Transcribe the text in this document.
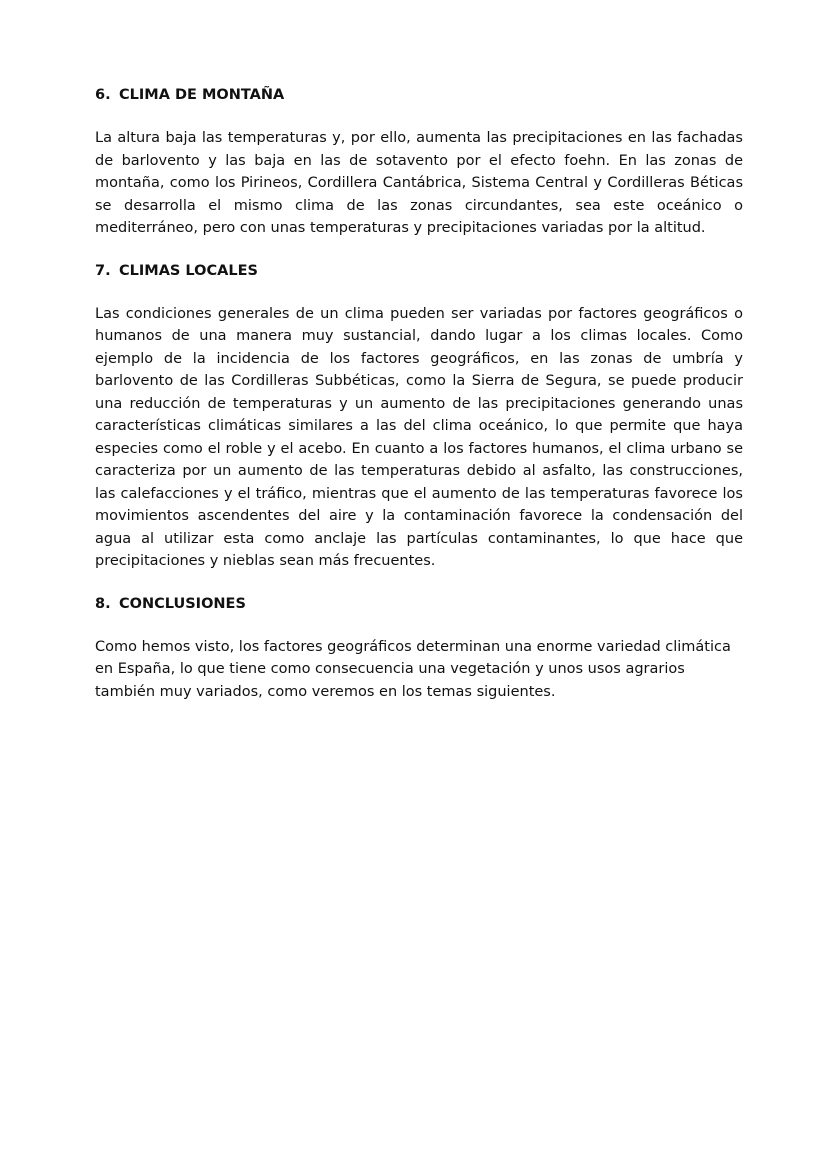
6. CLIMA DE MONTAÑA

La altura baja las temperaturas y, por ello, aumenta las precipitaciones en las fachadas de barlovento y las baja en las de sotavento por el efecto foehn. En las zonas de montaña, como los Pirineos, Cordillera Cantábrica, Sistema Central y Cordilleras Béticas se desarrolla el mismo clima de las zonas circundantes, sea este oceánico o mediterráneo, pero con unas temperaturas y precipitaciones variadas por la altitud.

7. CLIMAS LOCALES

Las condiciones generales de un clima pueden ser variadas por factores geográficos o humanos de una manera muy sustancial, dando lugar a los climas locales. Como ejemplo de la incidencia de los factores geográficos, en las zonas de umbría y barlovento de las Cordilleras Subbéticas, como la Sierra de Segura, se puede producir una reducción de temperaturas y un aumento de las precipitaciones generando unas características climáticas similares a las del clima oceánico, lo que permite que haya especies como el roble y el acebo. En cuanto a los factores humanos, el clima urbano se caracteriza por un aumento de las temperaturas debido al asfalto, las construcciones, las calefacciones y el tráfico, mientras que el aumento de las temperaturas favorece los movimientos ascendentes del aire y la contaminación favorece la condensación del agua al utilizar esta como anclaje las partículas contaminantes, lo que hace que precipitaciones y nieblas sean más frecuentes.

8. CONCLUSIONES

Como hemos visto, los factores geográficos determinan una enorme variedad climática en España, lo que tiene como consecuencia una vegetación y unos usos agrarios también muy variados, como veremos en los temas siguientes.
